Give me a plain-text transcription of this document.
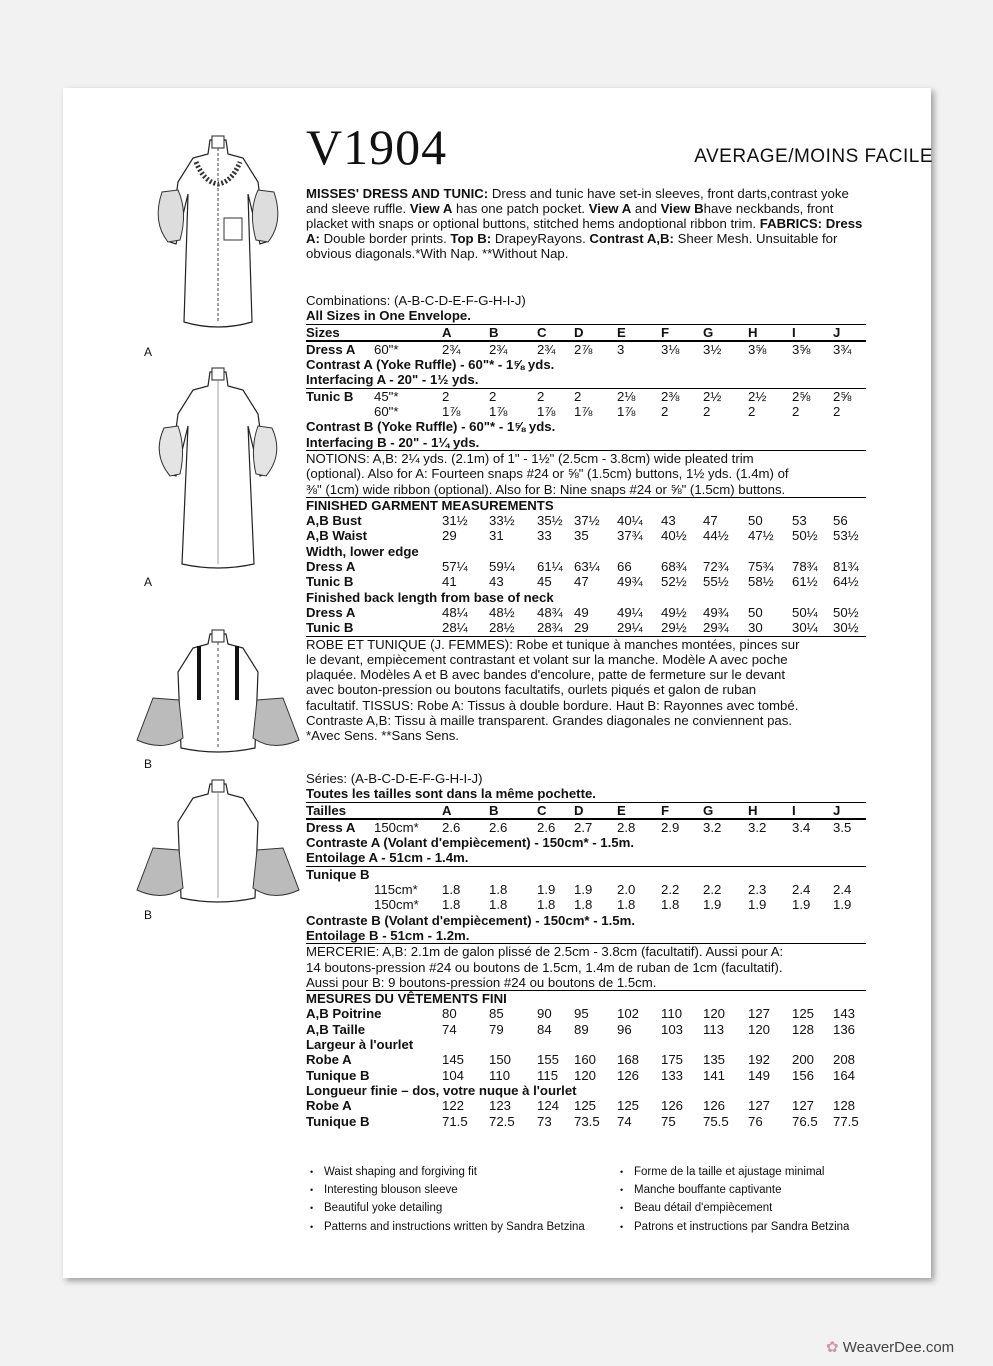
A
A
B
B
V1904	AVERAGE/MOINS FACILE
MISSES' DRESS AND TUNIC: Dress and tunic have set-in sleeves, front darts,contrast yoke and sleeve ruffle. View A has one patch pocket. View A and View Bhave neckbands, front placket with snaps or optional buttons, stitched hems andoptional ribbon trim. FABRICS: Dress A: Double border prints. Top B: DrapeyRayons. Contrast A,B: Sheer Mesh. Unsuitable for obvious diagonals.*With Nap. **Without Nap.
Combinations: (A-B-C-D-E-F-G-H-I-J)
All Sizes in One Envelope.
Sizes	A	B	C D	E	F	G	H	I	J
Dress A 60"*	2¾ 2¾ 2¾ 2⅞ 3	3⅛ 3½ 3⅝ 3⅝ 3¾
Contrast A (Yoke Ruffle) - 60"* - 1⅝ yds.
Interfacing A - 20" - 1½ yds.
Tunic B 45"*	2	2	2 2	2⅛ 2⅜ 2½ 2½ 2⅝ 2⅝
60"*	1⅞ 1⅞ 1⅞ 1⅞ 1⅞ 2	2	2	2	2
Contrast B (Yoke Ruffle) - 60"* - 1⅝ yds.
Interfacing B - 20" - 1¼ yds.
NOTIONS: A,B: 2¼ yds. (2.1m) of 1" - 1½" (2.5cm - 3.8cm) wide pleated trim
(optional). Also for A: Fourteen snaps #24 or ⅝" (1.5cm) buttons, 1½ yds. (1.4m) of
⅜" (1cm) wide ribbon (optional). Also for B: Nine snaps #24 or ⅝" (1.5cm) buttons.
FINISHED GARMENT MEASUREMENTS
A,B Bust	31½ 33½ 35½ 37½ 40¼ 43 47 50 53 56
A,B Waist	29 31	33 35 37¾ 40½ 44½ 47½ 50½ 53½
Width, lower edge
Dress A	57¼ 59¼ 61¼ 63¼ 66 68¾ 72¾ 75¾ 78¾ 81¾
Tunic B	41 43	45 47 49¾ 52½ 55½ 58½ 61½ 64½
Finished back length from base of neck
Dress A	48¼ 48½ 48¾ 49 49¼ 49½ 49¾ 50 50¼ 50½
Tunic B	28¼ 28½ 28¾ 29 29¼ 29½ 29¾ 30 30¼ 30½
ROBE ET TUNIQUE (J. FEMMES): Robe et tunique à manches montées, pinces sur
le devant, empiècement contrastant et volant sur la manche. Modèle A avec poche
plaquée. Modèles A et B avec bandes d'encolure, patte de fermeture sur le devant
avec bouton-pression ou boutons facultatifs, ourlets piqués et galon de ruban
facultatif. TISSUS: Robe A: Tissus à double bordure. Haut B: Rayonnes avec tombé.
Contraste A,B: Tissu à maille transparent. Grandes diagonales ne conviennent pas.
*Avec Sens. **Sans Sens.
Séries: (A-B-C-D-E-F-G-H-I-J)
Toutes les tailles sont dans la même pochette.
Tailles	A	B	C D	E	F	G	H	I	J
Dress A 150cm* 2.6 2.6 2.6 2.7 2.8 2.9 3.2 3.2 3.4 3.5
Contraste A (Volant d'empiècement) - 150cm* - 1.5m.
Entoilage A - 51cm - 1.4m.
Tunique B
115cm* 1.8 1.8 1.9 1.9 2.0 2.2 2.2 2.3 2.4 2.4
150cm* 1.8 1.8 1.8 1.8 1.8 1.8 1.9 1.9 1.9 1.9
Contraste B (Volant d'empiècement) - 150cm* - 1.5m.
Entoilage B - 51cm - 1.2m.
MERCERIE: A,B: 2.1m de galon plissé de 2.5cm - 3.8cm (facultatif). Aussi pour A:
14 boutons-pression #24 ou boutons de 1.5cm, 1.4m de ruban de 1cm (facultatif).
Aussi pour B: 9 boutons-pression #24 ou boutons de 1.5cm.
MESURES DU VÊTEMENTS FINI
A,B Poitrine	80 85	90 95 102 110 120 127 125 143
A,B Taille	74 79	84 89 96 103 113 120 128 136
Largeur à l'ourlet
Robe A	145 150 155 160 168 175 135 192 200 208
Tunique B	104 110 115 120 126 133 141 149 156 164
Longueur finie – dos, votre nuque à l'ourlet
Robe A	122 123 124 125 125 126 126 127 127 128
Tunique B	71.5 72.5 73 73.5 74 75 75.5 76 76.5 77.5
• Waist shaping and forgiving fit
• Interesting blouson sleeve
• Beautiful yoke detailing
• Patterns and instructions written by Sandra Betzina
• Forme de la taille et ajustage minimal
• Manche bouffante captivante
• Beau détail d'empiècement
• Patrons et instructions par Sandra Betzina
✿ WeaverDee.com
